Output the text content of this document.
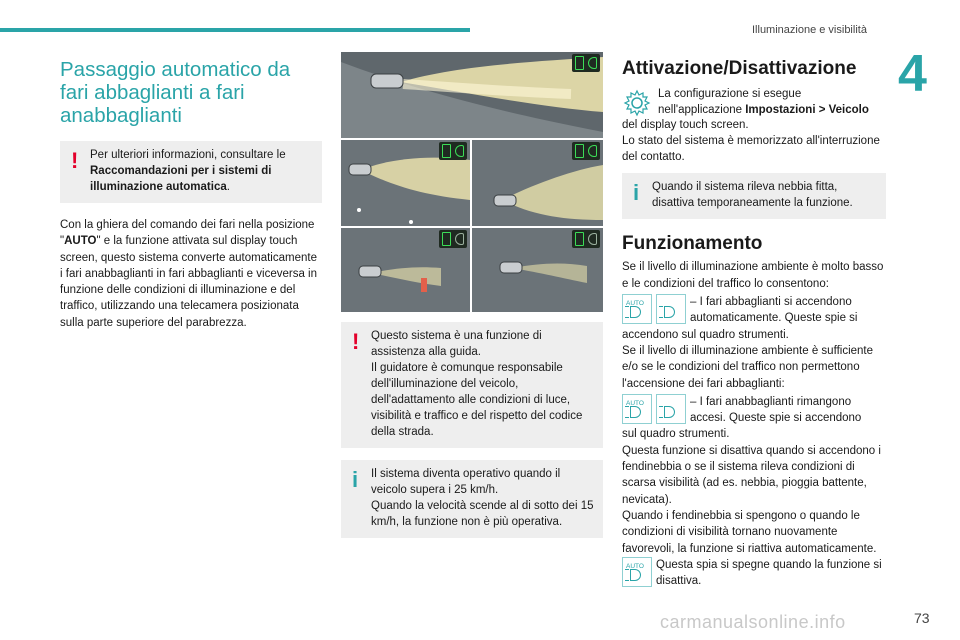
Illuminazione e visibilità
4
Passaggio automatico da fari abbaglianti a fari anabbaglianti
!	Per ulteriori informazioni, consultare le Raccomandazioni per i sistemi di illuminazione automatica.

Con la ghiera del comando dei fari nella posizione "AUTO" e la funzione attivata sul display touch screen, questo sistema converte automaticamente i fari anabbaglianti in fari abbaglianti e viceversa in funzione delle condizioni di illuminazione e del traffico, utilizzando una telecamera posizionata sulla parte superiore del parabrezza.

!	Questo sistema è una funzione di assistenza alla guida.
Il guidatore è comunque responsabile dell'illuminazione del veicolo, dell'adattamento alle condizioni di luce, visibilità e traffico e del rispetto del codice della strada.
i	Il sistema diventa operativo quando il veicolo supera i 25 km/h.
Quando la velocità scende al di sotto dei 15 km/h, la funzione non è più operativa.
Attivazione/Disattivazione
La configurazione si esegue nell'applicazione Impostazioni > Veicolo

del display touch screen.

Lo stato del sistema è memorizzato all'interruzione del contatto.

i	Quando il sistema rileva nebbia fitta, disattiva temporaneamente la funzione.
Funzionamento

Se il livello di illuminazione ambiente è molto basso e le condizioni del traffico lo consentono:

AUTO	– I fari abbaglianti si accendono automaticamente. Queste spie si

accendono sul quadro strumenti.

Se il livello di illuminazione ambiente è sufficiente e/o se le condizioni del traffico non permettono l'accensione dei fari abbaglianti:

AUTO	– I fari anabbaglianti rimangono accesi. Queste spie si accendono

sul quadro strumenti.

Questa funzione si disattiva quando si accendono i fendinebbia o se il sistema rileva condizioni di scarsa visibilità (ad es. nebbia, pioggia battente, nevicata).

Quando i fendinebbia si spengono o quando le condizioni di visibilità tornano nuovamente favorevoli, la funzione si riattiva automaticamente.

AUTO Questa spia si spegne quando la funzione si disattiva.
carmanualsonline.info	73
